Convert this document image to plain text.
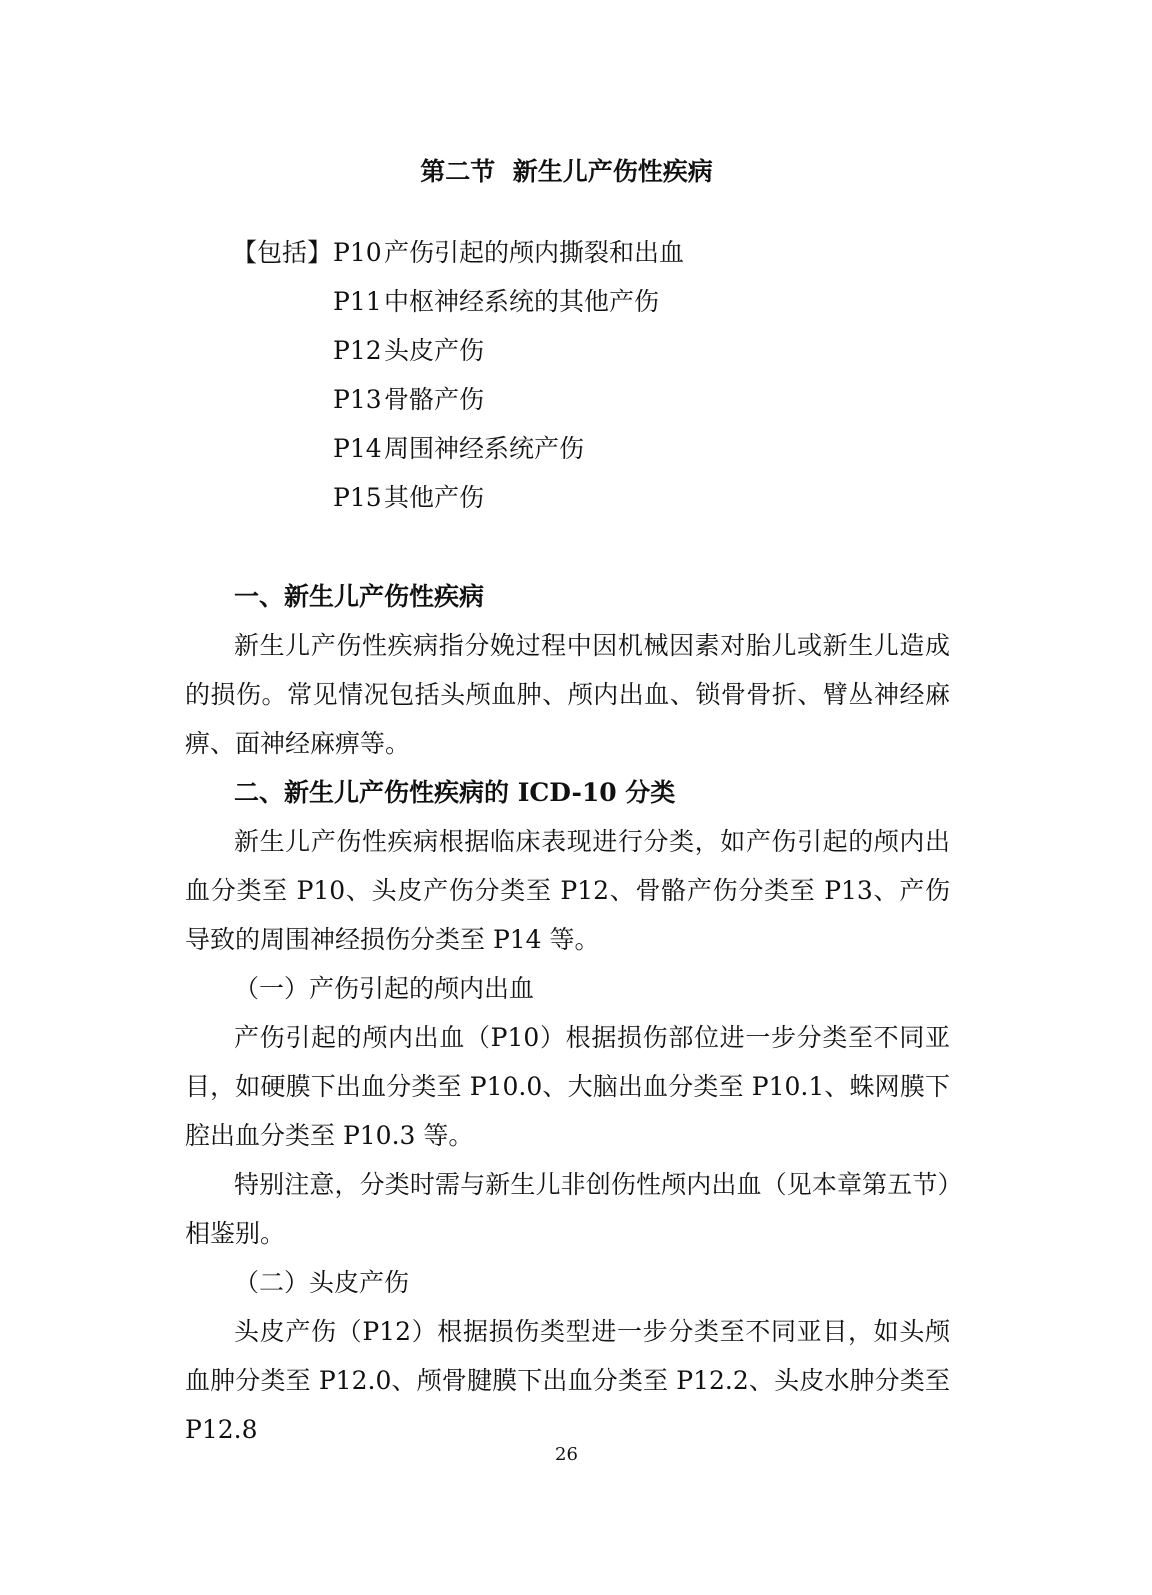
第二节  新生儿产伤性疾病
【包括】 P10 产伤引起的颅内撕裂和出血
P11 中枢神经系统的其他产伤
P12 头皮产伤
P13 骨骼产伤
P14 周围神经系统产伤
P15 其他产伤
一、新生儿产伤性疾病

新生儿产伤性疾病指分娩过程中因机械因素对胎儿或新生儿造成的损伤。常见情况包括头颅血肿、颅内出血、锁骨骨折、臂丛神经麻痹、面神经麻痹等。

二、新生儿产伤性疾病的 ICD-10 分类

新生儿产伤性疾病根据临床表现进行分类，如产伤引起的颅内出血分类至 P10、头皮产伤分类至 P12、骨骼产伤分类至 P13、产伤导致的周围神经损伤分类至 P14 等。

（一）产伤引起的颅内出血

产伤引起的颅内出血（P10）根据损伤部位进一步分类至不同亚目，如硬膜下出血分类至 P10.0、大脑出血分类至 P10.1、蛛网膜下腔出血分类至 P10.3 等。

特别注意，分类时需与新生儿非创伤性颅内出血（见本章第五节）相鉴别。

（二）头皮产伤

头皮产伤（P12）根据损伤类型进一步分类至不同亚目，如头颅血肿分类至 P12.0、颅骨腱膜下出血分类至 P12.2、头皮水肿分类至 P12.8

26
